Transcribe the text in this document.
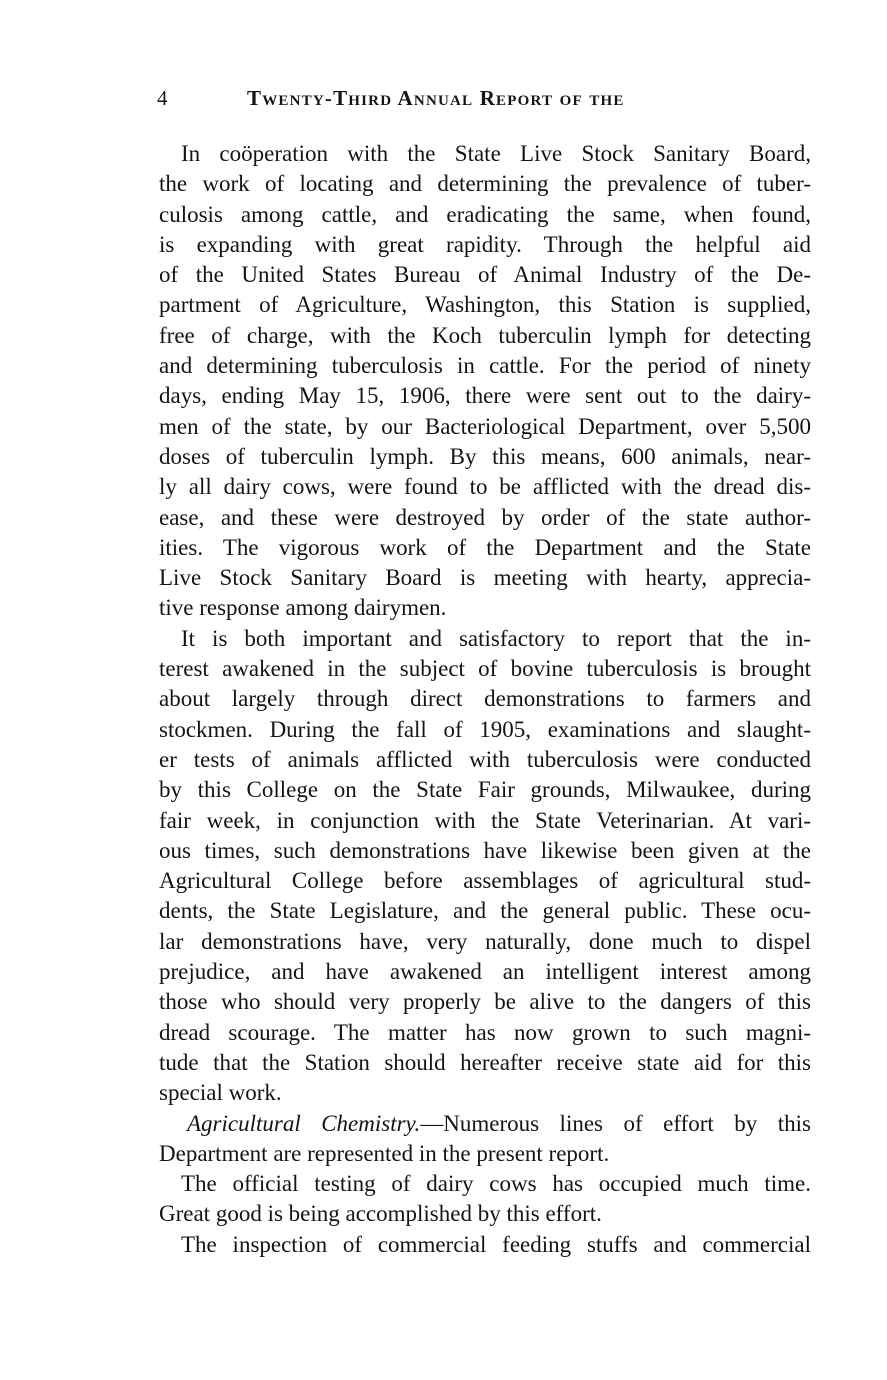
4	Twenty-Third Annual Report of the
In coöperation with the State Live Stock Sanitary Board,
the work of locating and determining the prevalence of tuber-
culosis among cattle, and eradicating the same, when found,
is expanding with great rapidity. Through the helpful aid
of the United States Bureau of Animal Industry of the De-
partment of Agriculture, Washington, this Station is supplied,
free of charge, with the Koch tuberculin lymph for detecting
and determining tuberculosis in cattle. For the period of ninety
days, ending May 15, 1906, there were sent out to the dairy-
men of the state, by our Bacteriological Department, over 5,500
doses of tuberculin lymph. By this means, 600 animals, near-
ly all dairy cows, were found to be afflicted with the dread dis-
ease, and these were destroyed by order of the state author-
ities. The vigorous work of the Department and the State
Live Stock Sanitary Board is meeting with hearty, apprecia-
tive response among dairymen.
It is both important and satisfactory to report that the in-
terest awakened in the subject of bovine tuberculosis is brought
about largely through direct demonstrations to farmers and
stockmen. During the fall of 1905, examinations and slaught-
er tests of animals afflicted with tuberculosis were conducted
by this College on the State Fair grounds, Milwaukee, during
fair week, in conjunction with the State Veterinarian. At vari-
ous times, such demonstrations have likewise been given at the
Agricultural College before assemblages of agricultural stud-
dents, the State Legislature, and the general public. These ocu-
lar demonstrations have, very naturally, done much to dispel
prejudice, and have awakened an intelligent interest among
those who should very properly be alive to the dangers of this
dread scourage. The matter has now grown to such magni-
tude that the Station should hereafter receive state aid for this
special work.
Agricultural Chemistry.—Numerous lines of effort by this
Department are represented in the present report.
The official testing of dairy cows has occupied much time.
Great good is being accomplished by this effort.
The inspection of commercial feeding stuffs and commercial
